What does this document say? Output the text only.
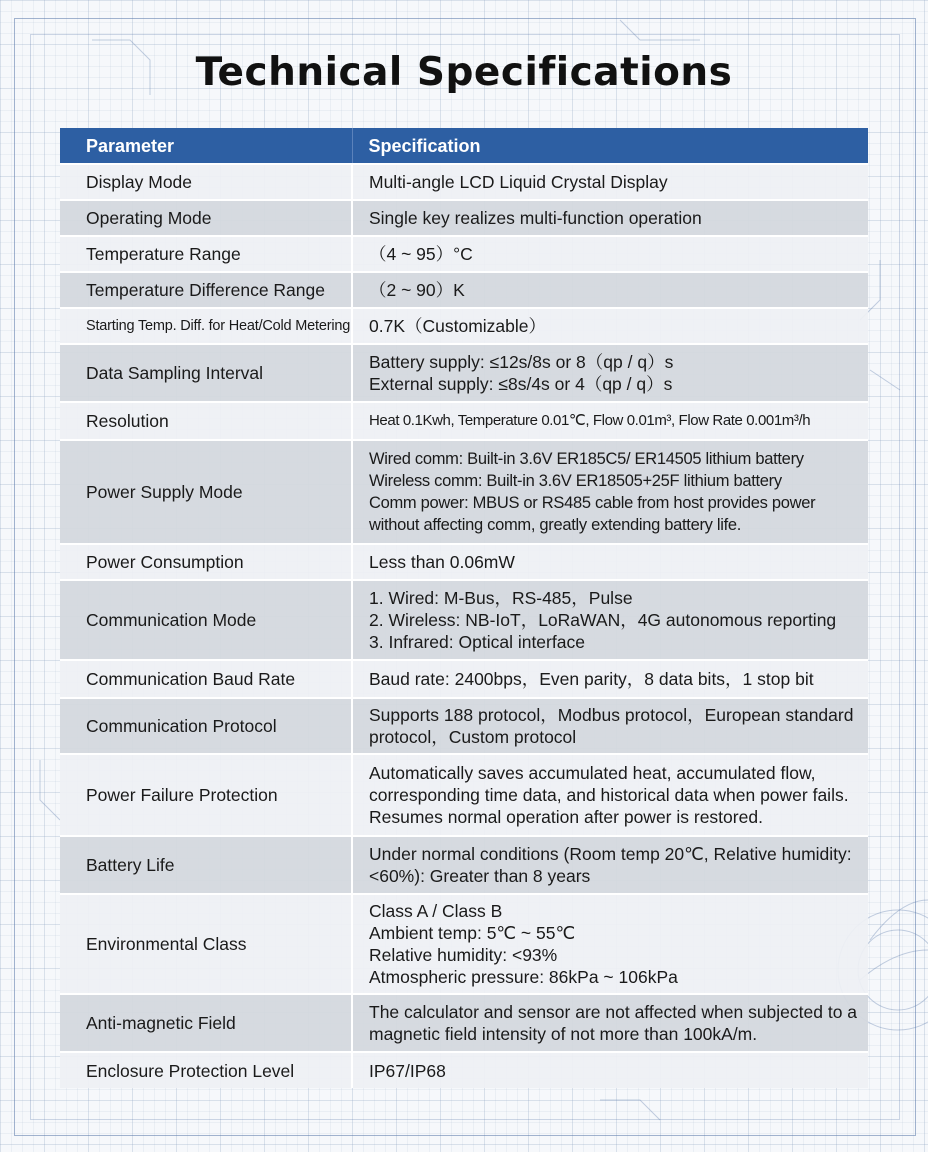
Technical Specifications
Parameter	Specification
Display Mode	Multi-angle LCD Liquid Crystal Display
Operating Mode	Single key realizes multi-function operation
Temperature Range	（4 ~ 95）°C
Temperature Difference Range	（2 ~ 90）K
Starting Temp. Diff. for Heat/Cold Metering	0.7K（Customizable）
Data Sampling Interval	Battery supply: ≤12s/8s or 8（qp / q）s
External supply: ≤8s/4s or 4（qp / q）s
Resolution	Heat 0.1Kwh, Temperature 0.01℃, Flow 0.01m³, Flow Rate 0.001m³/h
Power Supply Mode	Wired comm: Built-in 3.6V ER185C5/ ER14505 lithium battery
Wireless comm: Built-in 3.6V ER18505+25F lithium battery
Comm power: MBUS or RS485 cable from host provides power without affecting comm, greatly extending battery life.
Power Consumption	Less than 0.06mW
Communication Mode	1. Wired: M-Bus，RS-485，Pulse
2. Wireless: NB-IoT，LoRaWAN，4G autonomous reporting
3. Infrared: Optical interface
Communication Baud Rate	Baud rate: 2400bps，Even parity，8 data bits，1 stop bit
Communication Protocol	Supports 188 protocol，Modbus protocol，European standard protocol，Custom protocol
Power Failure Protection	Automatically saves accumulated heat, accumulated flow, corresponding time data, and historical data when power fails. Resumes normal operation after power is restored.
Battery Life	Under normal conditions (Room temp 20℃, Relative humidity: <60%): Greater than 8 years
Environmental Class	Class A / Class B
Ambient temp: 5℃ ~ 55℃
Relative humidity: <93%
Atmospheric pressure: 86kPa ~ 106kPa
Anti-magnetic Field	The calculator and sensor are not affected when subjected to a magnetic field intensity of not more than 100kA/m.
Enclosure Protection Level	IP67/IP68
